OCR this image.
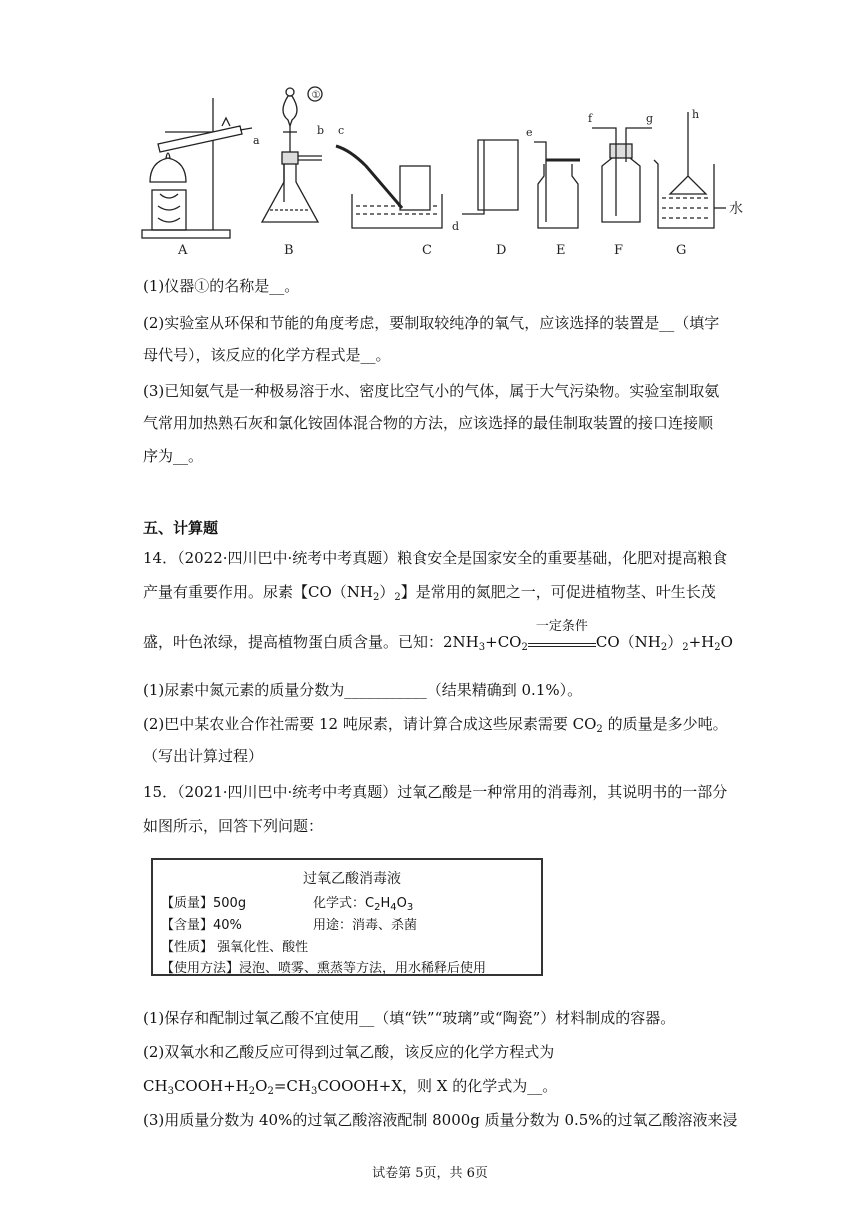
a
A
①
b
B
c
C
d
D
e
E
f	g
F
h
水
G
(1)仪器①的名称是__。
(2)实验室从环保和节能的角度考虑，要制取较纯净的氧气，应该选择的装置是__（填字
母代号），该反应的化学方程式是__。
(3)已知氨气是一种极易溶于水、密度比空气小的气体，属于大气污染物。实验室制取氨
气常用加热熟石灰和氯化铵固体混合物的方法，应该选择的最佳制取装置的接口连接顺
序为__。
五、计算题
14．（2022·四川巴中·统考中考真题）粮食安全是国家安全的重要基础，化肥对提高粮食
产量有重要作用。尿素【$CO(NH_2)_2$】是常用的氮肥之一，可促进植物茎、叶生长茂
盛，叶色浓绿，提高植物蛋白质含量。已知：$2NH_3+CO_2$
一定条件
$CO(NH_2)_2+H_2O$
(1)尿素中氮元素的质量分数为___________（结果精确到 0.1%）。
(2)巴中某农业合作社需要 12 吨尿素，请计算合成这些尿素需要 $CO_2$ 的质量是多少吨。
（写出计算过程）
15．（2021·四川巴中·统考中考真题）过氧乙酸是一种常用的消毒剂，其说明书的一部分
如图所示，回答下列问题：
过氧乙酸消毒液
【质量】500g	化学式：$C_2H_4O_3$
【含量】40%	用途：消毒、杀菌
【性质】 强氧化性、酸性
【使用方法】浸泡、喷雾、熏蒸等方法，用水稀释后使用
(1)保存和配制过氧乙酸不宜使用__（填“铁”“玻璃”或“陶瓷”）材料制成的容器。
(2)双氧水和乙酸反应可得到过氧乙酸，该反应的化学方程式为
$CH_3COOH+H_2O_2=CH_3COOOH+X$，则 X 的化学式为__。
(3)用质量分数为 40%的过氧乙酸溶液配制 8000g 质量分数为 0.5%的过氧乙酸溶液来浸
试卷第 5页，共 6页
